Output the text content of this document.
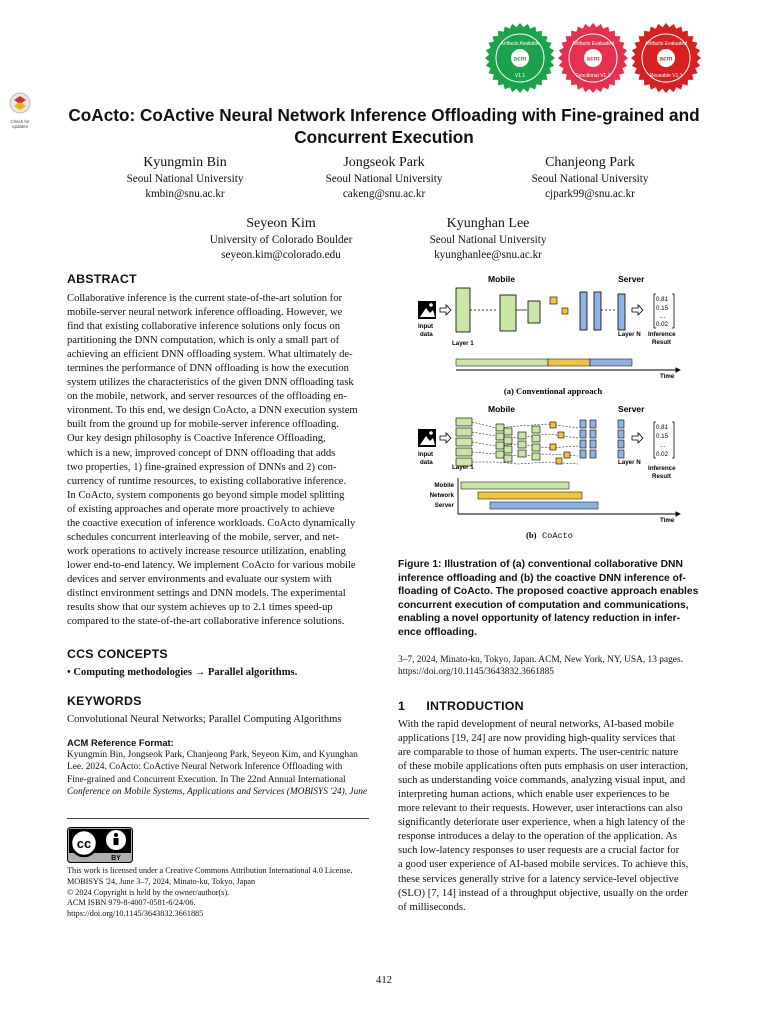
Check for updates
acm
Artifacts Available
V1.1
acm
Artifacts Evaluated
Functional V1.1
acm
Artifacts Evaluated
Reusable V1.1
CoActo: CoActive Neural Network Inference Offloading with Fine-grained and
Concurrent Execution
Kyungmin Bin
Seoul National University
kmbin@snu.ac.kr
Jongseok Park
Seoul National University
cakeng@snu.ac.kr
Chanjeong Park
Seoul National University
cjpark99@snu.ac.kr
Seyeon Kim
University of Colorado Boulder
seyeon.kim@colorado.edu
Kyunghan Lee
Seoul National University
kyunghanlee@snu.ac.kr
ABSTRACT
Collaborative inference is the current state-of-the-art solution for
mobile-server neural network inference offloading. However, we
find that existing collaborative inference solutions only focus on
partitioning the DNN computation, which is only a small part of
achieving an efficient DNN offloading system. What ultimately de-
termines the performance of DNN offloading is how the execution
system utilizes the characteristics of the given DNN offloading task
on the mobile, network, and server resources of the offloading en-
vironment. To this end, we design CoActo, a DNN execution system
built from the ground up for mobile-server inference offloading.
Our key design philosophy is Coactive Inference Offloading,
which is a new, improved concept of DNN offloading that adds
two properties, 1) fine-grained expression of DNNs and 2) con-
currency of runtime resources, to existing collaborative inference.
In CoActo, system components go beyond simple model splitting
of existing approaches and operate more proactively to achieve
the coactive execution of inference workloads. CoActo dynamically
schedules concurrent interleaving of the mobile, server, and net-
work operations to actively increase resource utilization, enabling
lower end-to-end latency. We implement CoActo for various mobile
devices and server environments and evaluate our system with
distinct environment settings and DNN models. The experimental
results show that our system achieves up to 2.1 times speed-up
compared to the state-of-the-art collaborative inference solutions.
CCS CONCEPTS
• Computing methodologies → Parallel algorithms.
KEYWORDS
Convolutional Neural Networks; Parallel Computing Algorithms
ACM Reference Format:
Kyungmin Bin, Jongseok Park, Chanjeong Park, Seyeon Kim, and Kyunghan
Lee. 2024. CoActo: CoActive Neural Network Inference Offloading with
Fine-grained and Concurrent Execution. In The 22nd Annual International
Conference on Mobile Systems, Applications and Services (MOBISYS '24), June
cc
BY
This work is licensed under a Creative Commons Attribution International 4.0 License.
MOBISYS '24, June 3–7, 2024, Minato-ku, Tokyo, Japan
© 2024 Copyright is held by the owner/author(s).
ACM ISBN 979-8-4007-0581-6/24/06.
https://doi.org/10.1145/3643832.3661885
Mobile	Server
Input
data
0.81
0.15
...
0.02
Layer 1
Layer N Inference
Result
Time
(a) Conventional approach
Mobile	Server
Input
data
0.81
0.15
...
0.02
Layer 1
Layer N
Inference
Result
Mobile
Network
Server
Time
(b) CoActo
Figure 1: Illustration of (a) conventional collaborative DNN
inference offloading and (b) the coactive DNN inference of-
floading of CoActo. The proposed coactive approach enables
concurrent execution of computation and communications,
enabling a novel opportunity of latency reduction in infer-
ence offloading.
3–7, 2024, Minato-ku, Tokyo, Japan. ACM, New York, NY, USA, 13 pages.
https://doi.org/10.1145/3643832.3661885
1 INTRODUCTION
With the rapid development of neural networks, AI-based mobile
applications [19, 24] are now providing high-quality services that
are comparable to those of human experts. The user-centric nature
of these mobile applications often puts emphasis on user interaction,
such as understanding voice commands, analyzing visual input, and
interpreting human actions, which enable user experiences to be
more relevant to their requests. However, user interactions can also
significantly deteriorate user experience, when a high latency of the
response introduces a delay to the operation of the application. As
such low-latency responses to user requests are a crucial factor for
a good user experience of AI-based mobile services. To achieve this,
these services generally strive for a latency service-level objective
(SLO) [7, 14] instead of a throughput objective, usually on the order
of milliseconds.
412
